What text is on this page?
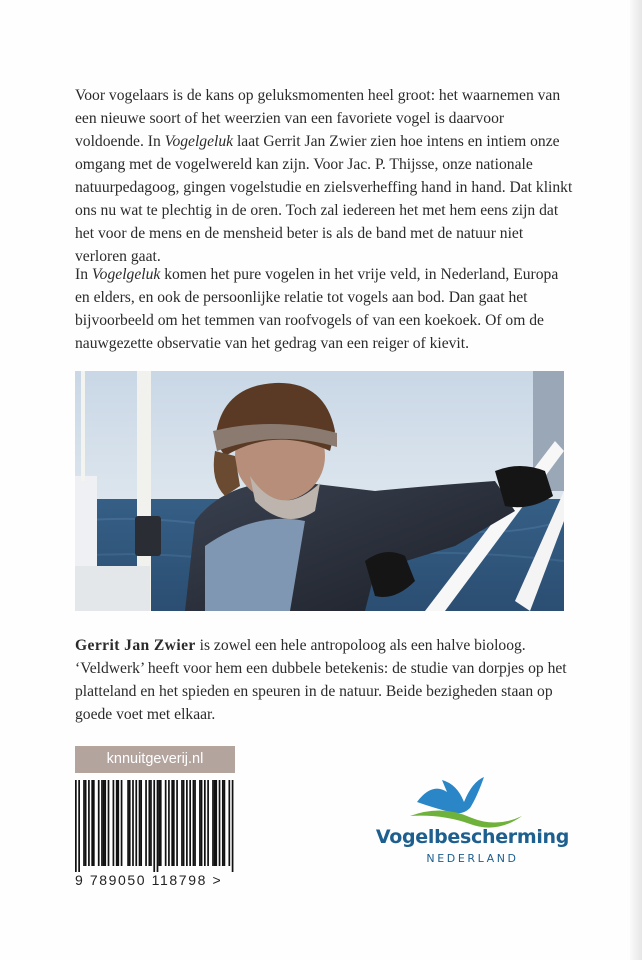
Voor vogelaars is de kans op geluksmomenten heel groot: het waarnemen van een nieuwe soort of het weerzien van een favoriete vogel is daarvoor voldoende. In Vogelgeluk laat Gerrit Jan Zwier zien hoe intens en intiem onze omgang met de vogelwereld kan zijn. Voor Jac. P. Thijsse, onze nationale natuurpedagoog, gingen vogelstudie en zielsverheffing hand in hand. Dat klinkt ons nu wat te plechtig in de oren. Toch zal iedereen het met hem eens zijn dat het voor de mens en de mensheid beter is als de band met de natuur niet verloren gaat.

In Vogelgeluk komen het pure vogelen in het vrije veld, in Nederland, Europa en elders, en ook de persoonlijke relatie tot vogels aan bod. Dan gaat het bijvoorbeeld om het temmen van roofvogels of van een koekoek. Of om de nauwgezette observatie van het gedrag van een reiger of kievit.

Gerrit Jan Zwier is zowel een hele antropoloog als een halve bioloog. ‘Veldwerk’ heeft voor hem een dubbele betekenis: de studie van dorpjes op het platteland en het spieden en speuren in de natuur. Beide bezigheden staan op goede voet met elkaar.

knnuitgeverij.nl
9 789050 118798 >
Vogelbescherming
NEDERLAND
